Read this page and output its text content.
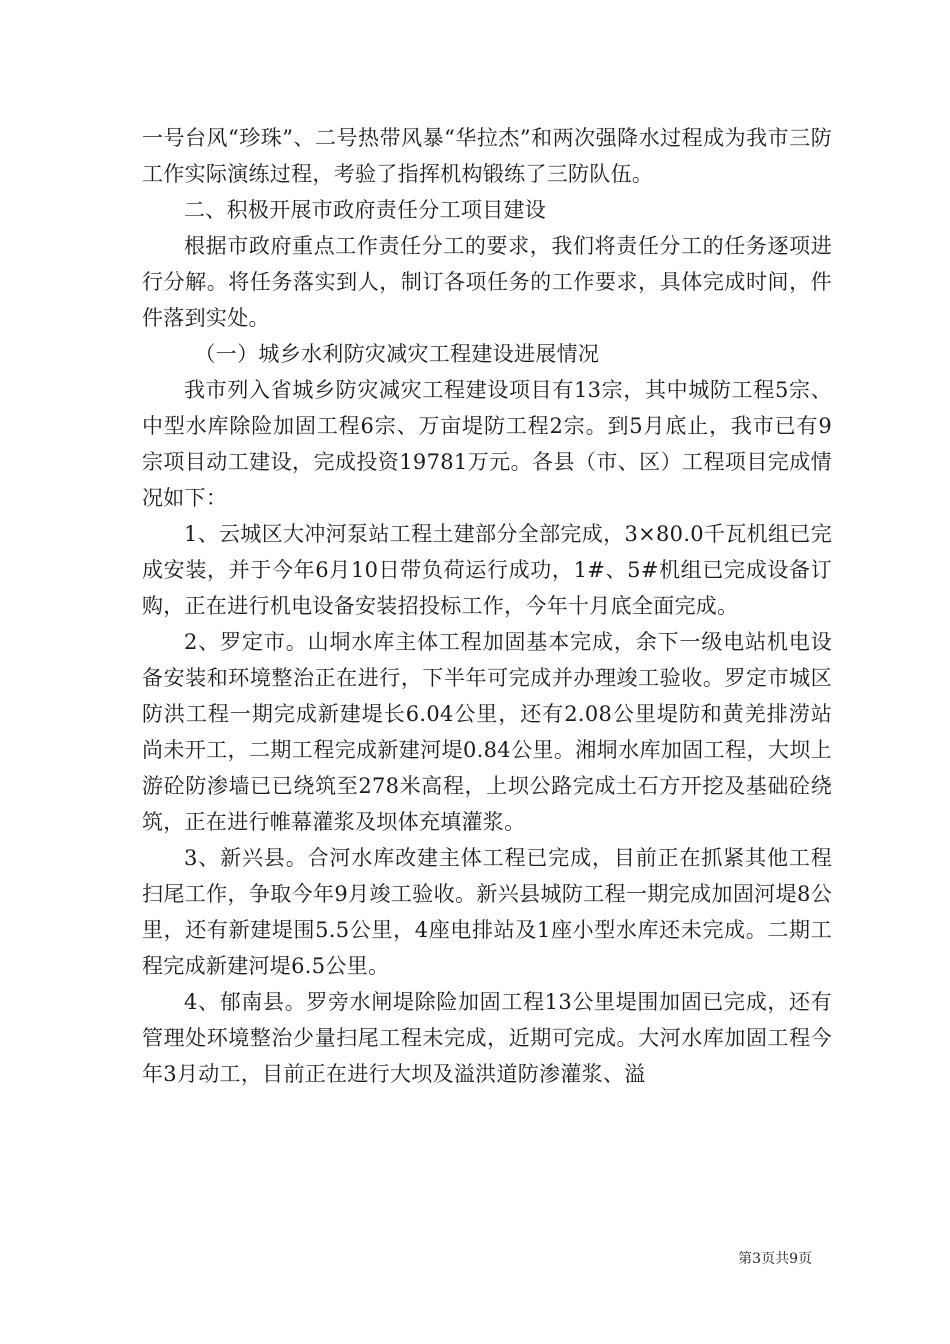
一号台风“珍珠”、二号热带风暴“华拉杰”和两次强降水过程成为我市三防工作实际演练过程，考验了指挥机构锻练了三防队伍。

二、积极开展市政府责任分工项目建设

根据市政府重点工作责任分工的要求，我们将责任分工的任务逐项进行分解。将任务落实到人，制订各项任务的工作要求，具体完成时间，件件落到实处。

（一）城乡水利防灾减灾工程建设进展情况

我市列入省城乡防灾减灾工程建设项目有13宗，其中城防工程5宗、中型水库除险加固工程6宗、万亩堤防工程2宗。到5月底止，我市已有9宗项目动工建设，完成投资19781万元。各县（市、区）工程项目完成情况如下：

1、云城区大冲河泵站工程土建部分全部完成，3×80.0千瓦机组已完成安装，并于今年6月10日带负荷运行成功，1#、5#机组已完成设备订购，正在进行机电设备安装招投标工作，今年十月底全面完成。

2、罗定市。山垌水库主体工程加固基本完成，余下一级电站机电设备安装和环境整治正在进行，下半年可完成并办理竣工验收。罗定市城区防洪工程一期完成新建堤长6.04公里，还有2.08公里堤防和黄羌排涝站尚未开工，二期工程完成新建河堤0.84公里。湘垌水库加固工程，大坝上游砼防渗墙已已绕筑至278米高程，上坝公路完成土石方开挖及基础砼绕筑，正在进行帷幕灌浆及坝体充填灌浆。

3、新兴县。合河水库改建主体工程已完成，目前正在抓紧其他工程扫尾工作，争取今年9月竣工验收。新兴县城防工程一期完成加固河堤8公里，还有新建堤围5.5公里，4座电排站及1座小型水库还未完成。二期工程完成新建河堤6.5公里。

4、郁南县。罗旁水闸堤除险加固工程13公里堤围加固已完成，还有管理处环境整治少量扫尾工程未完成，近期可完成。大河水库加固工程今年3月动工，目前正在进行大坝及溢洪道防渗灌浆、溢

第3页共9页
